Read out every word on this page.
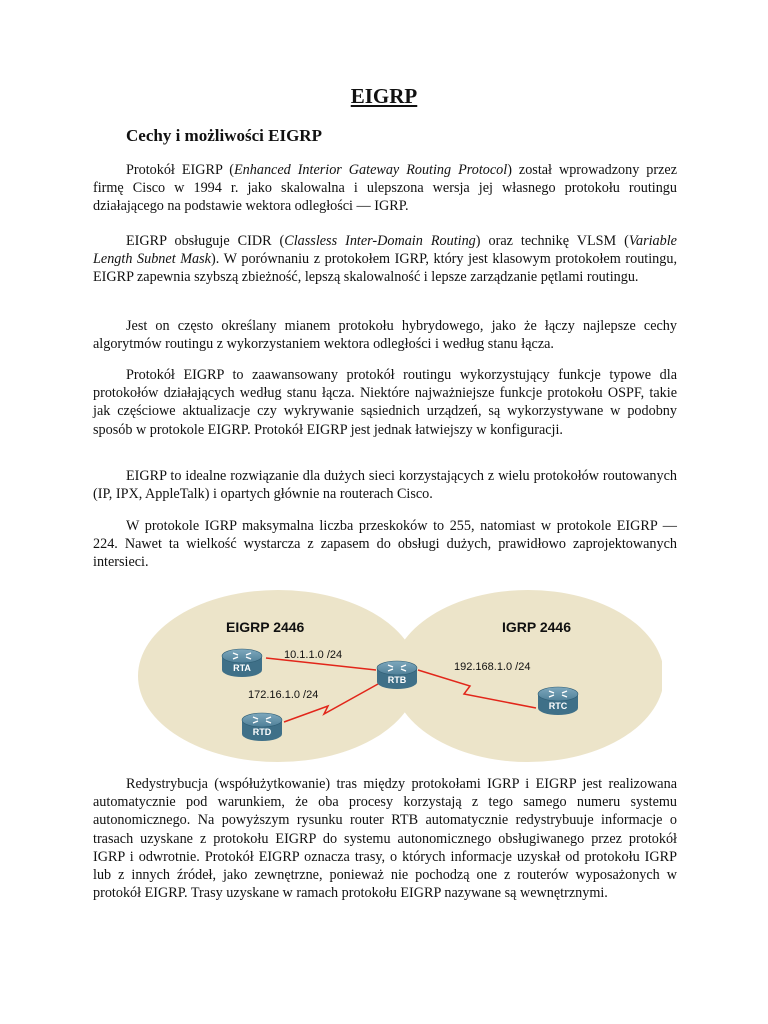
EIGRP
Cechy i możliwości EIGRP

Protokół EIGRP (Enhanced Interior Gateway Routing Protocol) został wprowadzony przez firmę Cisco w 1994 r. jako skalowalna i ulepszona wersja jej własnego protokołu routingu działającego na podstawie wektora odległości — IGRP.

EIGRP obsługuje CIDR (Classless Inter-Domain Routing) oraz technikę VLSM (Variable Length Subnet Mask). W porównaniu z protokołem IGRP, który jest klasowym protokołem routingu, EIGRP zapewnia szybszą zbieżność, lepszą skalowalność i lepsze zarządzanie pętlami routingu.

Jest on często określany mianem protokołu hybrydowego, jako że łączy najlepsze cechy algorytmów routingu z wykorzystaniem wektora odległości i według stanu łącza.

Protokół EIGRP to zaawansowany protokół routingu wykorzystujący funkcje typowe dla protokołów działających według stanu łącza. Niektóre najważniejsze funkcje protokołu OSPF, takie jak częściowe aktualizacje czy wykrywanie sąsiednich urządzeń, są wykorzystywane w podobny sposób w protokole EIGRP. Protokół EIGRP jest jednak łatwiejszy w konfiguracji.

EIGRP to idealne rozwiązanie dla dużych sieci korzystających z wielu protokołów routowanych (IP, IPX, AppleTalk) i opartych głównie na routerach Cisco.

W protokole IGRP maksymalna liczba przeskoków to 255, natomiast w protokole EIGRP — 224. Nawet ta wielkość wystarcza z zapasem do obsługi dużych, prawidłowo zaprojektowanych intersieci.

EIGRP 2446	IGRP 2446
10.1.1.0 /24
172.16.1.0 /24
192.168.1.0 /24
RTA
RTB
RTC
RTD

Redystrybucja (współużytkowanie) tras między protokołami IGRP i EIGRP jest realizowana automatycznie pod warunkiem, że oba procesy korzystają z tego samego numeru systemu autonomicznego. Na powyższym rysunku router RTB automatycznie redystrybuuje informacje o trasach uzyskane z protokołu EIGRP do systemu autonomicznego obsługiwanego przez protokół IGRP i odwrotnie. Protokół EIGRP oznacza trasy, o których informacje uzyskał od protokołu IGRP lub z innych źródeł, jako zewnętrzne, ponieważ nie pochodzą one z routerów wyposażonych w protokół EIGRP. Trasy uzyskane w ramach protokołu EIGRP nazywane są wewnętrznymi.
